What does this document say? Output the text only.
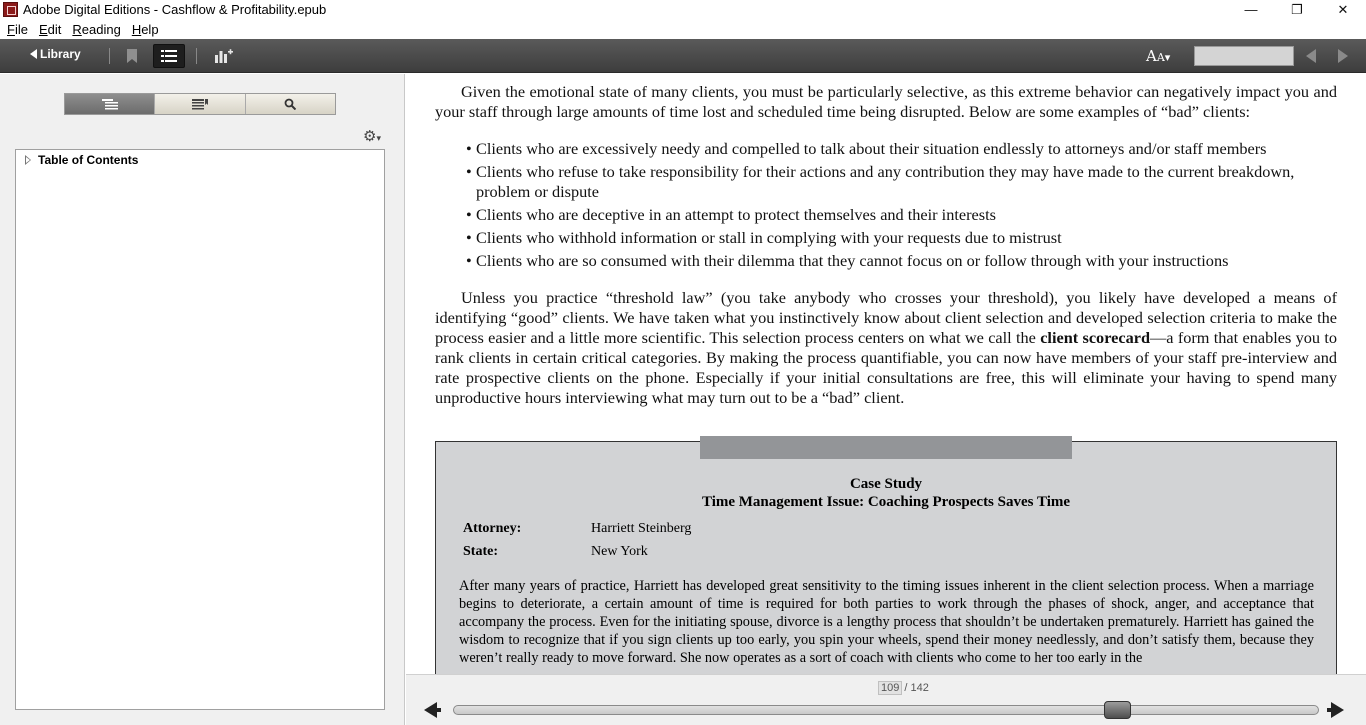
Adobe Digital Editions - Cashflow & Profitability.epub	—	❐	✕
File Edit Reading Help
Library	AA▾
⚙▾
Table of Contents

Given the emotional state of many clients, you must be particularly selective, as this extreme behavior can negatively impact you and your staff through large amounts of time lost and scheduled time being disrupted. Below are some examples of “bad” clients:

• Clients who are excessively needy and compelled to talk about their situation endlessly to attorneys and/or staff members
• Clients who refuse to take responsibility for their actions and any contribution they may have made to the current breakdown, problem or dispute
• Clients who are deceptive in an attempt to protect themselves and their interests
• Clients who withhold information or stall in complying with your requests due to mistrust
• Clients who are so consumed with their dilemma that they cannot focus on or follow through with your instructions

Unless you practice “threshold law” (you take anybody who crosses your threshold), you likely have developed a means of identifying “good” clients. We have taken what you instinctively know about client selection and developed selection criteria to make the process easier and a little more scientific. This selection process centers on what we call the client scorecard—a form that enables you to rank clients in certain critical categories. By making the process quantifiable, you can now have members of your staff pre-interview and rate prospective clients on the phone. Especially if your initial consultations are free, this will eliminate your having to spend many unproductive hours interviewing what may turn out to be a “bad” client.

Case Study
Time Management Issue: Coaching Prospects Saves Time
Attorney:	Harriett Steinberg
State:	New York
After many years of practice, Harriett has developed great sensitivity to the timing issues inherent in the client selection process. When a marriage begins to deteriorate, a certain amount of time is required for both parties to work through the phases of shock, anger, and acceptance that accompany the process. Even for the initiating spouse, divorce is a lengthy process that shouldn’t be undertaken prematurely. Harriett has gained the wisdom to recognize that if you sign clients up too early, you spin your wheels, spend their money needlessly, and don’t satisfy them, because they weren’t really ready to move forward. She now operates as a sort of coach with clients who come to her too early in the
109 / 142
